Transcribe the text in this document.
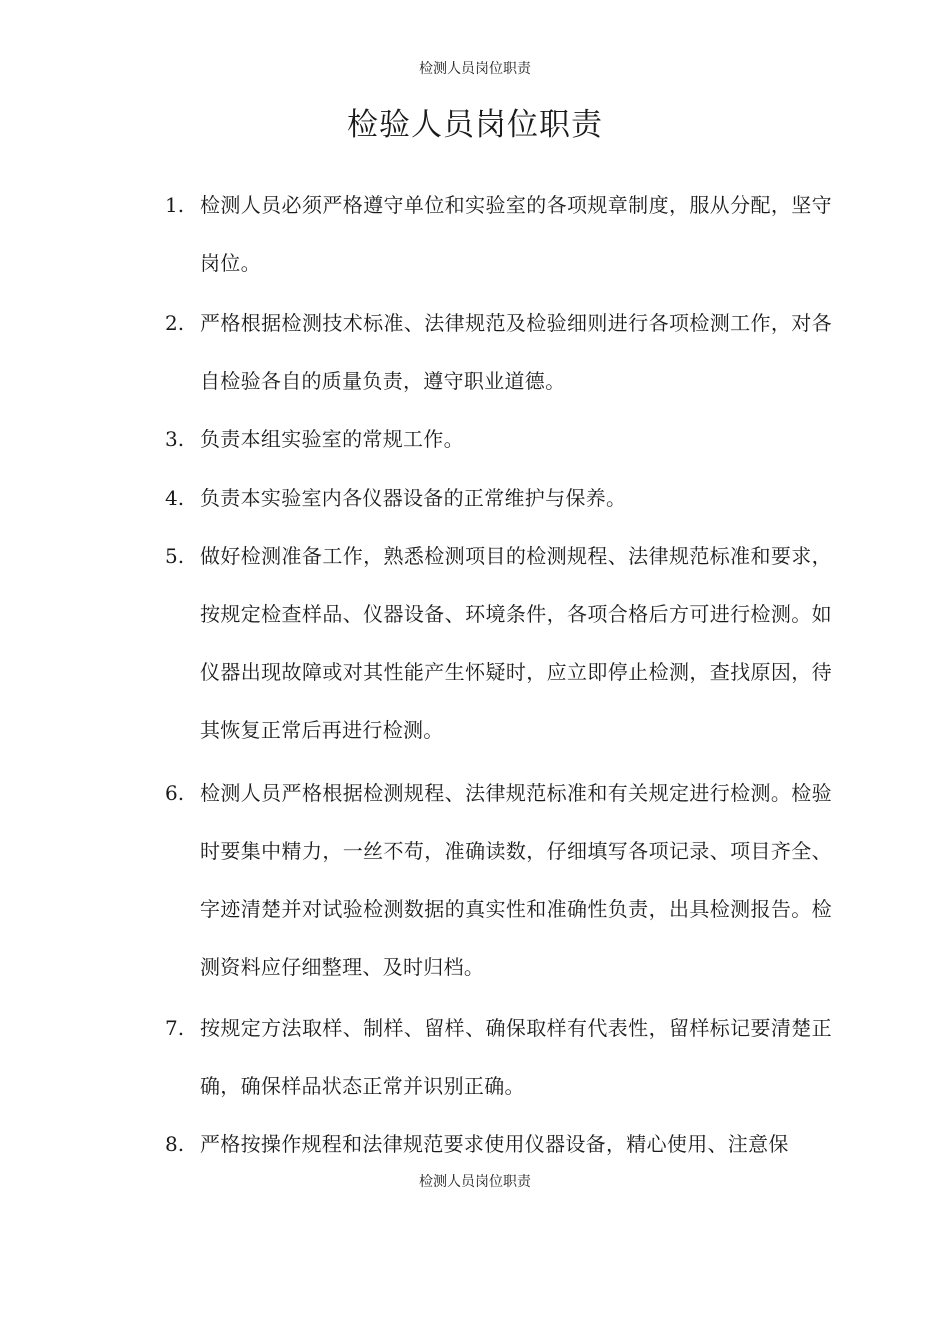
检测人员岗位职责
检验人员岗位职责
1. 检测人员必须严格遵守单位和实验室的各项规章制度，服从分配，坚守岗位。
2. 严格根据检测技术标准、法律规范及检验细则进行各项检测工作，对各自检验各自的质量负责，遵守职业道德。
3. 负责本组实验室的常规工作。
4. 负责本实验室内各仪器设备的正常维护与保养。
5. 做好检测准备工作，熟悉检测项目的检测规程、法律规范标准和要求，按规定检查样品、仪器设备、环境条件，各项合格后方可进行检测。如仪器出现故障或对其性能产生怀疑时，应立即停止检测，查找原因，待其恢复正常后再进行检测。
6. 检测人员严格根据检测规程、法律规范标准和有关规定进行检测。检验时要集中精力，一丝不苟，准确读数，仔细填写各项记录、项目齐全、字迹清楚并对试验检测数据的真实性和准确性负责，出具检测报告。检测资料应仔细整理、及时归档。
7. 按规定方法取样、制样、留样、确保取样有代表性，留样标记要清楚正确，确保样品状态正常并识别正确。
8. 严格按操作规程和法律规范要求使用仪器设备，精心使用、注意保
检测人员岗位职责
